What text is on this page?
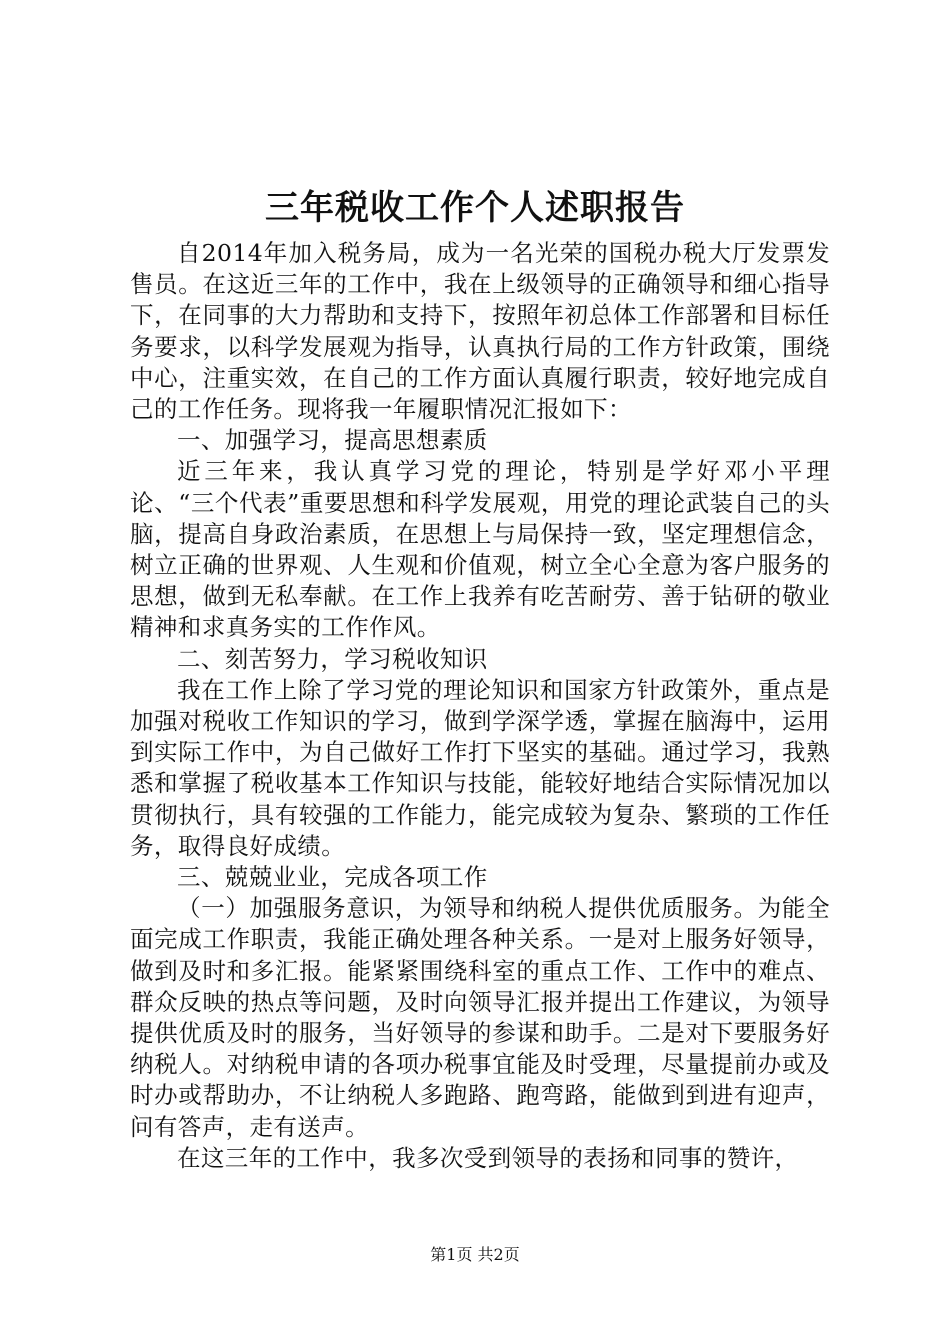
三年税收工作个人述职报告

自2014年加入税务局，成为一名光荣的国税办税大厅发票发售员。在这近三年的工作中，我在上级领导的正确领导和细心指导下，在同事的大力帮助和支持下，按照年初总体工作部署和目标任务要求，以科学发展观为指导，认真执行局的工作方针政策，围绕中心，注重实效，在自己的工作方面认真履行职责，较好地完成自己的工作任务。现将我一年履职情况汇报如下：

一、加强学习，提高思想素质

近三年来，我认真学习党的理论，特别是学好邓小平理论、“三个代表”重要思想和科学发展观，用党的理论武装自己的头脑，提高自身政治素质，在思想上与局保持一致，坚定理想信念，树立正确的世界观、人生观和价值观，树立全心全意为客户服务的思想，做到无私奉献。在工作上我养有吃苦耐劳、善于钻研的敬业精神和求真务实的工作作风。

二、刻苦努力，学习税收知识

我在工作上除了学习党的理论知识和国家方针政策外，重点是加强对税收工作知识的学习，做到学深学透，掌握在脑海中，运用到实际工作中，为自己做好工作打下坚实的基础。通过学习，我熟悉和掌握了税收基本工作知识与技能，能较好地结合实际情况加以贯彻执行，具有较强的工作能力，能完成较为复杂、繁琐的工作任务，取得良好成绩。

三、兢兢业业，完成各项工作

（一）加强服务意识，为领导和纳税人提供优质服务。为能全面完成工作职责，我能正确处理各种关系。一是对上服务好领导，做到及时和多汇报。能紧紧围绕科室的重点工作、工作中的难点、群众反映的热点等问题，及时向领导汇报并提出工作建议，为领导提供优质及时的服务，当好领导的参谋和助手。二是对下要服务好纳税人。对纳税申请的各项办税事宜能及时受理，尽量提前办或及时办或帮助办，不让纳税人多跑路、跑弯路，能做到到进有迎声，问有答声，走有送声。

在这三年的工作中，我多次受到领导的表扬和同事的赞许，

第1页 共2页
